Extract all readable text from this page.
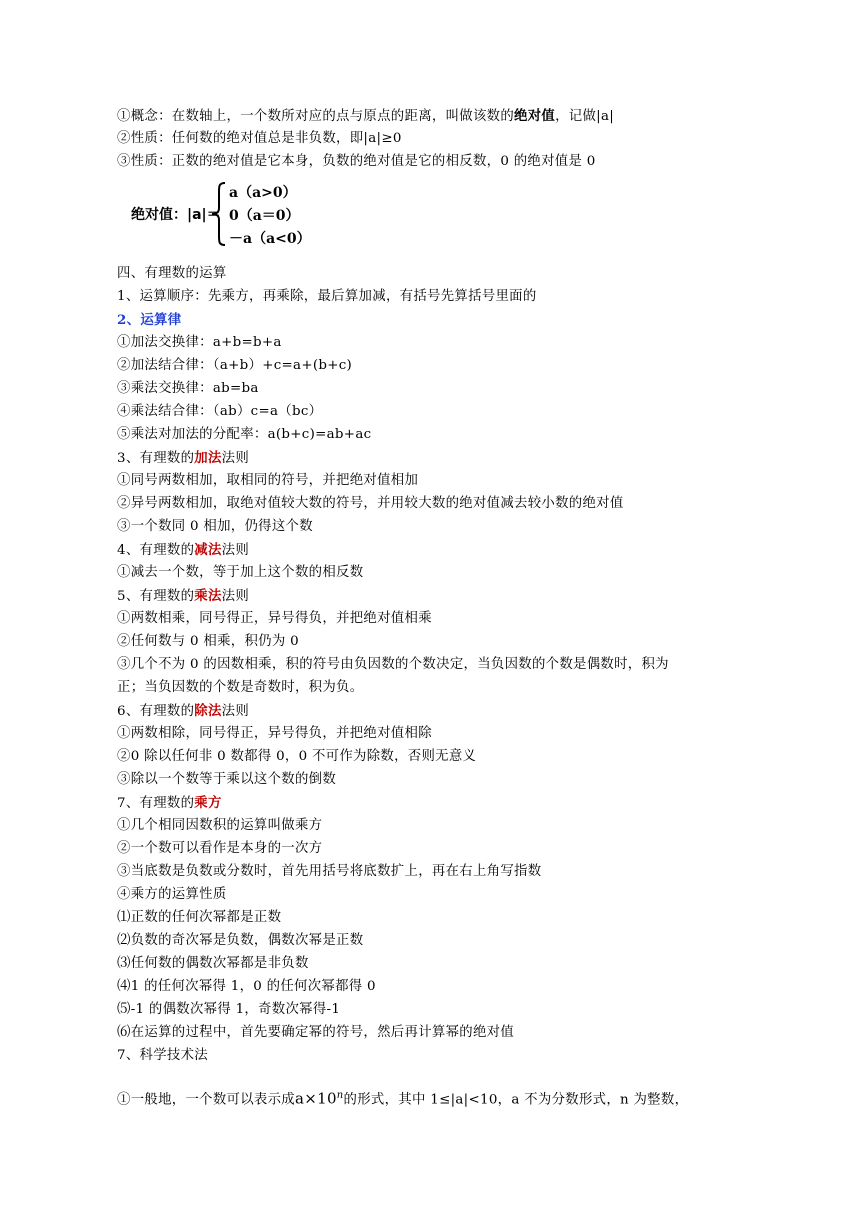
①概念：在数轴上，一个数所对应的点与原点的距离，叫做该数的绝对值，记做|a|
②性质：任何数的绝对值总是非负数，即|a|≥0
③性质：正数的绝对值是它本身，负数的绝对值是它的相反数，0 的绝对值是 0
绝对值：|a|＝
a（a>0）
0（a＝0）
－a（a<0）
四、有理数的运算
1、运算顺序：先乘方，再乘除，最后算加减，有括号先算括号里面的
2、运算律
①加法交换律：a+b=b+a
②加法结合律：（a+b）+c=a+(b+c)
③乘法交换律：ab=ba
④乘法结合律：（ab）c=a（bc）
⑤乘法对加法的分配率：a(b+c)=ab+ac
3、有理数的加法法则
①同号两数相加，取相同的符号，并把绝对值相加
②异号两数相加，取绝对值较大数的符号，并用较大数的绝对值减去较小数的绝对值
③一个数同 0 相加，仍得这个数
4、有理数的减法法则
①减去一个数，等于加上这个数的相反数
5、有理数的乘法法则
①两数相乘，同号得正，异号得负，并把绝对值相乘
②任何数与 0 相乘，积仍为 0
③几个不为 0 的因数相乘，积的符号由负因数的个数决定，当负因数的个数是偶数时，积为
正；当负因数的个数是奇数时，积为负。
6、有理数的除法法则
①两数相除，同号得正，异号得负，并把绝对值相除
②0 除以任何非 0 数都得 0，0 不可作为除数，否则无意义
③除以一个数等于乘以这个数的倒数
7、有理数的乘方
①几个相同因数积的运算叫做乘方
②一个数可以看作是本身的一次方
③当底数是负数或分数时，首先用括号将底数扩上，再在右上角写指数
④乘方的运算性质
⑴正数的任何次幂都是正数
⑵负数的奇次幂是负数，偶数次幂是正数
⑶任何数的偶数次幂都是非负数
⑷1 的任何次幂得 1，0 的任何次幂都得 0
⑸-1 的偶数次幂得 1，奇数次幂得-1
⑹在运算的过程中，首先要确定幂的符号，然后再计算幂的绝对值
7、科学技术法
①一般地，一个数可以表示成$a\times 10^n$的形式，其中 1≤|a|<10，a 不为分数形式，n 为整数，
